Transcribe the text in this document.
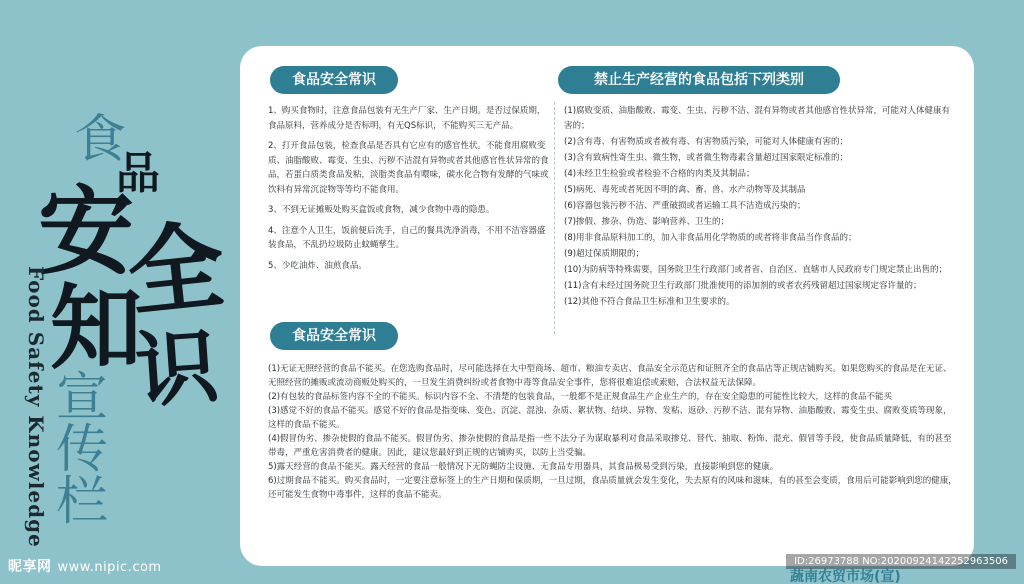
食
品
安
全
知
识
宣
传
栏
Food Safety Knowledge
食品安全常识	禁止生产经营的食品包括下列类别

1、购买食物时，注意食品包装有无生产厂家、生产日期。是否过保质期，食品原料，营养成分是否标明，有无QS标识，不能购买三无产品。

2、打开食品包装，检查食品是否具有它应有的感官性状。不能食用腐败变质、油脂酸败、霉变、生虫、污秽不洁混有异物或者其他感官性状异常的食品，若蛋白质类食品发粘，淡脂类食品有噮味，碳水化合物有发酵的气味或饮料有异常沉淀物等等均不能食用。

3、不到无证摊贩处购买盒饭或食物，减少食物中毒的隐患。

4、注意个人卫生，饭前便后洗手，自己的餐具洗净消毒，不用不洁容器盛装食品，不乱扔垃圾防止蚊蝇孳生。

5、少吃油炸、油煎食品。

(1)腐败变质、油脂酸败、霉变、生虫、污秽不洁、混有异物或者其他感官性状异常，可能对人体健康有害的；

(2)含有毒、有害物质或者被有毒、有害物质污染，可能对人体健康有害的；

(3)含有致病性寄生虫、微生物，或者微生物毒素含量超过国家限定标准的；

(4)未经卫生检验或者检验不合格的肉类及其制品；

(5)病死、毒死或者死因不明的禽、畜、兽、水产动物等及其制品

(6)容器包装污秽不洁、严重破损或者运输工具不洁造成污染的；

(7)掺假、掺杂、伪造、影响营养、卫生的；

(8)用非食品原料加工的，加入非食品用化学物质的或者将非食品当作食品的；

(9)超过保质期限的；

(10)为防病等特殊需要，国务院卫生行政部门或者省、自治区、直辖市人民政府专门规定禁止出售的；

(11)含有未经过国务院卫生行政部门批准使用的添加剂的或者农药残留超过国家规定容许量的；

(12)其他不符合食品卫生标准和卫生要求的。

食品安全常识

(1)无证无照经营的食品不能买。在您选购食品时，尽可能选择在大中型商场、超市、粮油专卖店、食品安全示范店和证照齐全的食品店等正规店铺购买。如果您购买的食品是在无证、无照经营的摊贩或流动商贩处购买的，一旦发生消费纠纷或者食物中毒等食品安全事件，您将很难追偿或索赔，合法权益无法保障。

(2)有包装的食品标签内容不全的不能买。标识内容不全、不清楚的包装食品，一般都不是正规食品生产企业生产的，存在安全隐患的可能性比较大，这样的食品不能买

(3)感觉不好的食品不能买。感觉不好的食品是指变味、变色、沉淀、混浊、杂质、絮状物、结块、异物、发粘、返砂、污秽不洁、混有异物、油脂酸败、霉变生虫、腐败变质等现象，这样的食品不能买。

(4)假冒伪劣、掺杂使假的食品不能买。假冒伪劣、掺杂使假的食品是指一些不法分子为谋取暴利对食品采取掺兑、替代、抽取、粉饰、混充、假冒等手段，使食品质量降低，有的甚至带毒，严重危害消费者的健康。因此，建议您最好到正规的店铺购买，以防上当受骗。

5)露天经营的食品不能买。露天经营的食品一般情况下无防蝇防尘设施、无食品专用器具，其食品极易受到污染，直接影响到您的健康。

6)过期食品不能买。购买食品时，一定要注意标签上的生产日期和保质期，一旦过期，食品质量就会发生变化，失去原有的风味和滋味，有的甚至会变质，食用后可能影响到您的健康，还可能发生食物中毒事件，这样的食品不能卖。

昵享网 www.nipic.com
蔬南农贸市场(宣)
ID:26973788 NO:20200924142252963506
